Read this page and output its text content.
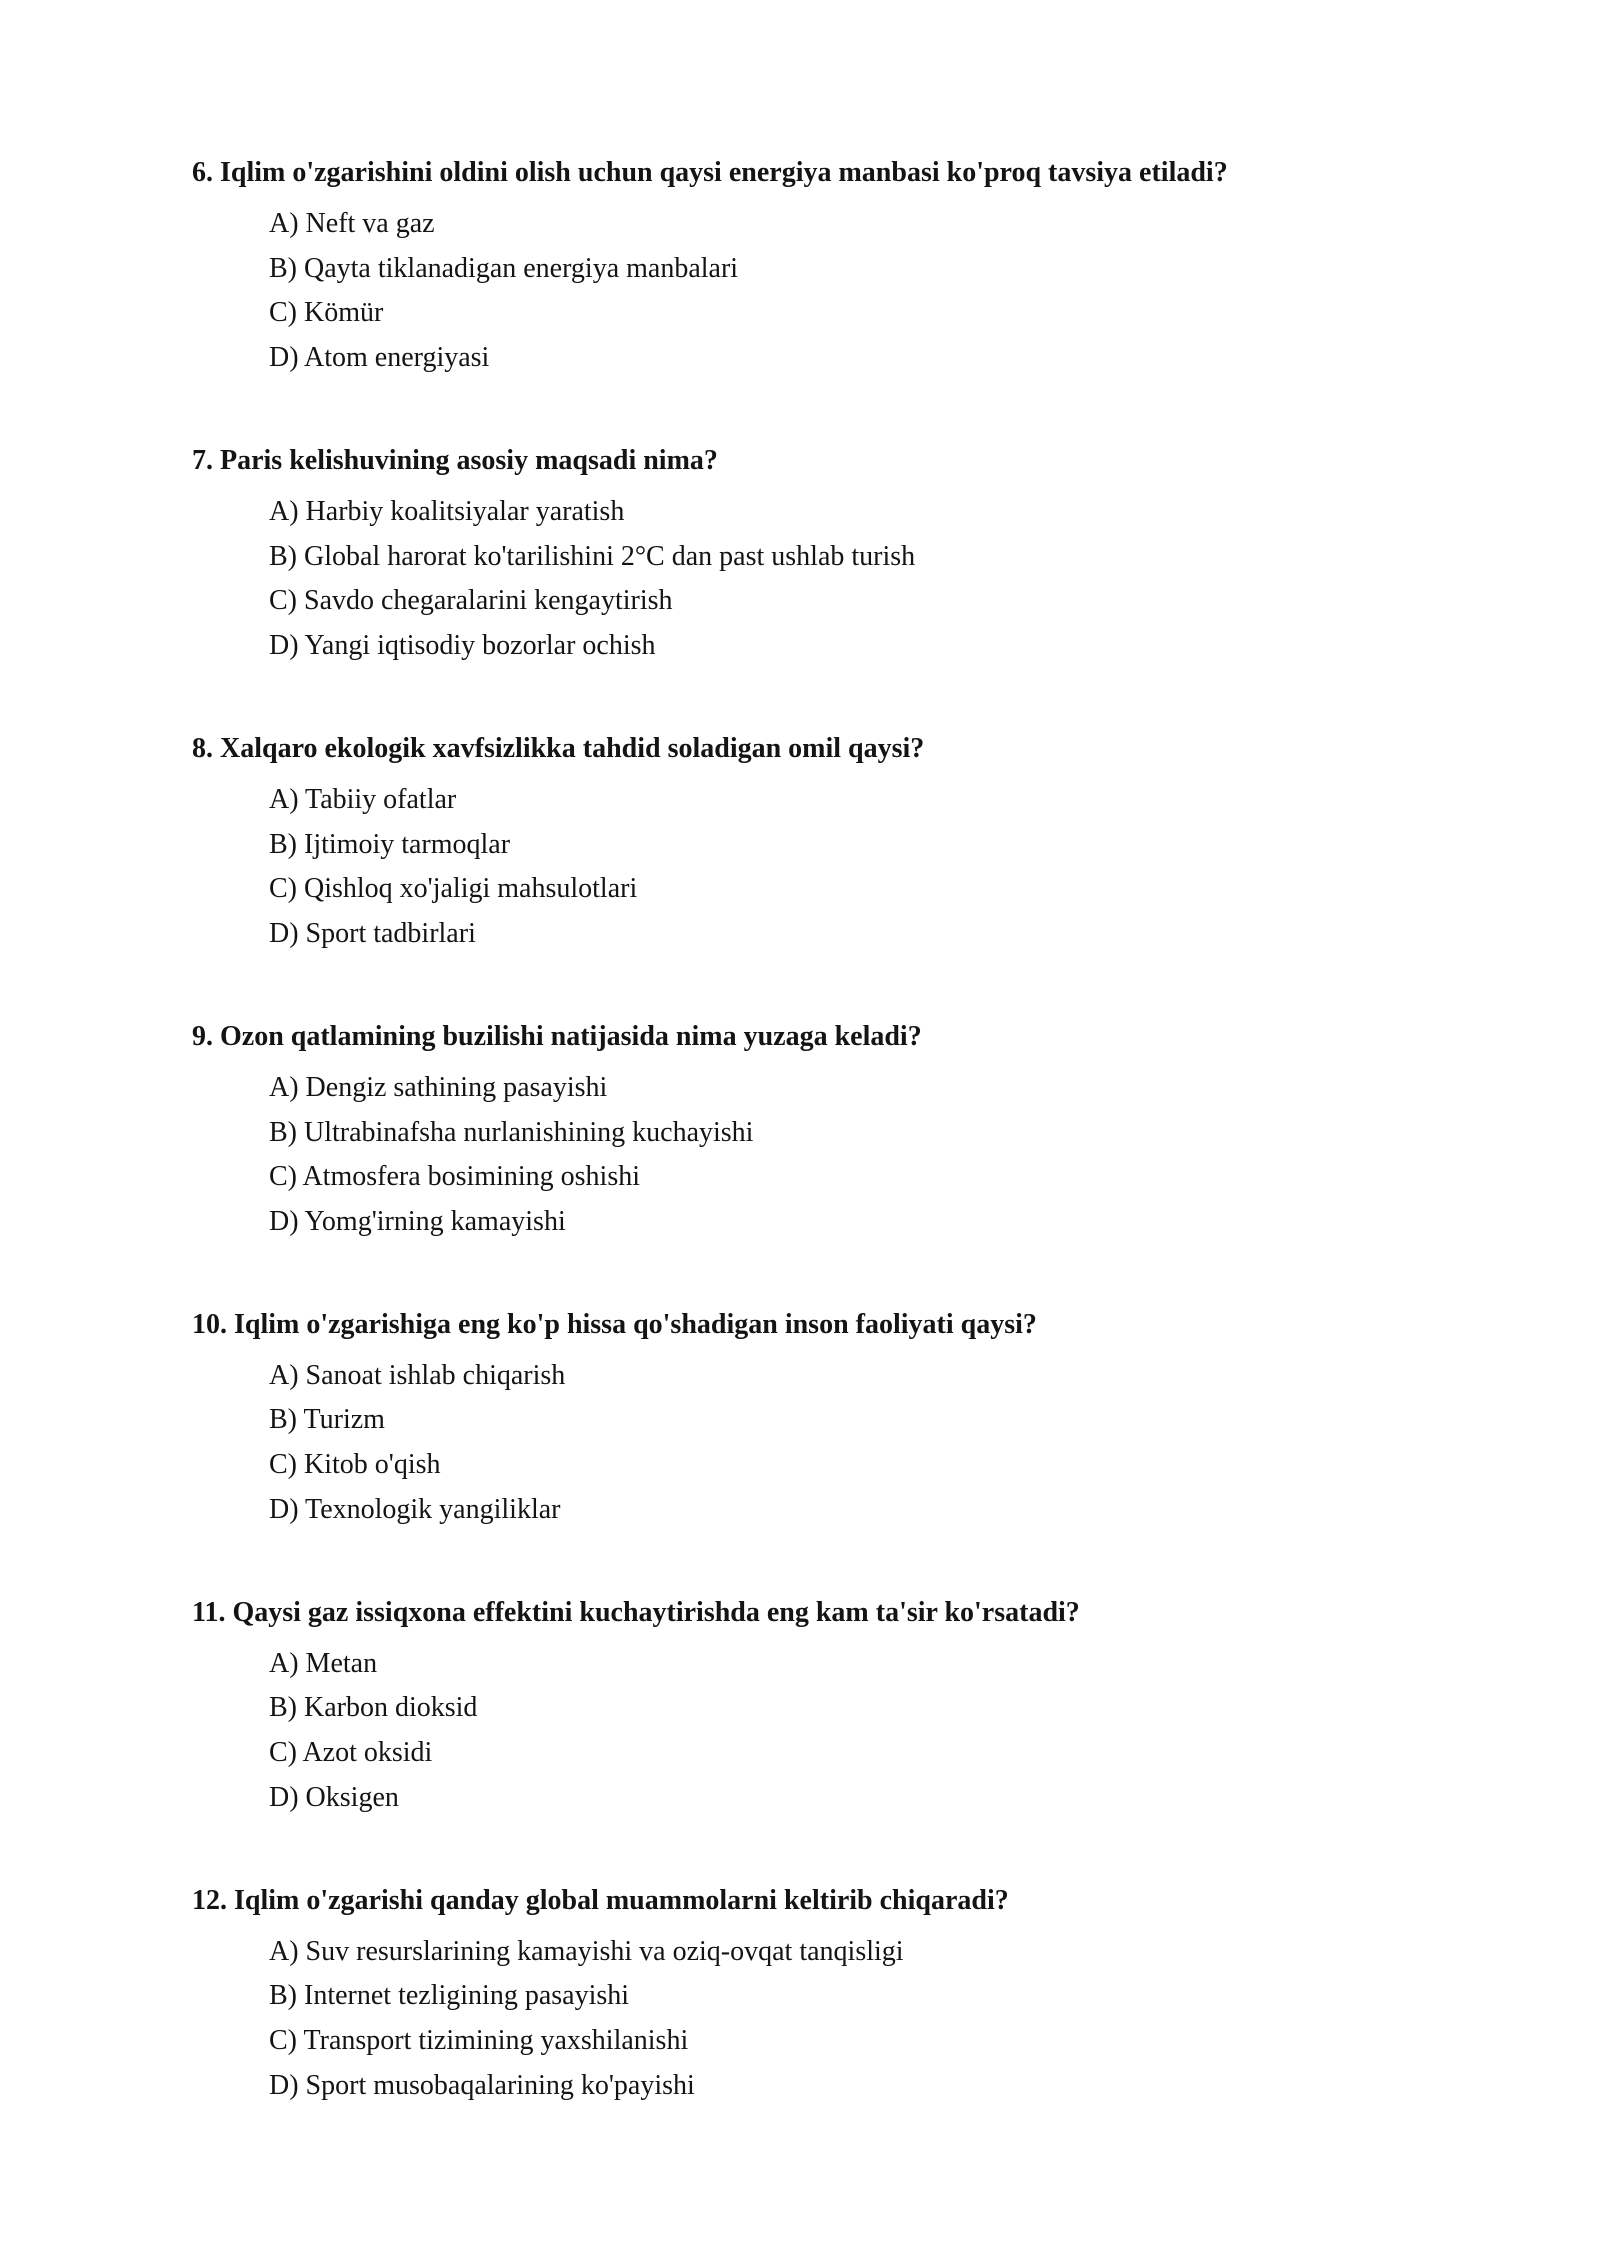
6. Iqlim o'zgarishini oldini olish uchun qaysi energiya manbasi ko'proq tavsiya etiladi?
A) Neft va gaz
B) Qayta tiklanadigan energiya manbalari
C) Kömür
D) Atom energiyasi
7. Paris kelishuvining asosiy maqsadi nima?
A) Harbiy koalitsiyalar yaratish
B) Global harorat ko'tarilishini 2°C dan past ushlab turish
C) Savdo chegaralarini kengaytirish
D) Yangi iqtisodiy bozorlar ochish
8. Xalqaro ekologik xavfsizlikka tahdid soladigan omil qaysi?
A) Tabiiy ofatlar
B) Ijtimoiy tarmoqlar
C) Qishloq xo'jaligi mahsulotlari
D) Sport tadbirlari
9. Ozon qatlamining buzilishi natijasida nima yuzaga keladi?
A) Dengiz sathining pasayishi
B) Ultrabinafsha nurlanishining kuchayishi
C) Atmosfera bosimining oshishi
D) Yomg'irning kamayishi
10. Iqlim o'zgarishiga eng ko'p hissa qo'shadigan inson faoliyati qaysi?
A) Sanoat ishlab chiqarish
B) Turizm
C) Kitob o'qish
D) Texnologik yangiliklar
11. Qaysi gaz issiqxona effektini kuchaytirishda eng kam ta'sir ko'rsatadi?
A) Metan
B) Karbon dioksid
C) Azot oksidi
D) Oksigen
12. Iqlim o'zgarishi qanday global muammolarni keltirib chiqaradi?
A) Suv resurslarining kamayishi va oziq-ovqat tanqisligi
B) Internet tezligining pasayishi
C) Transport tizimining yaxshilanishi
D) Sport musobaqalarining ko'payishi
